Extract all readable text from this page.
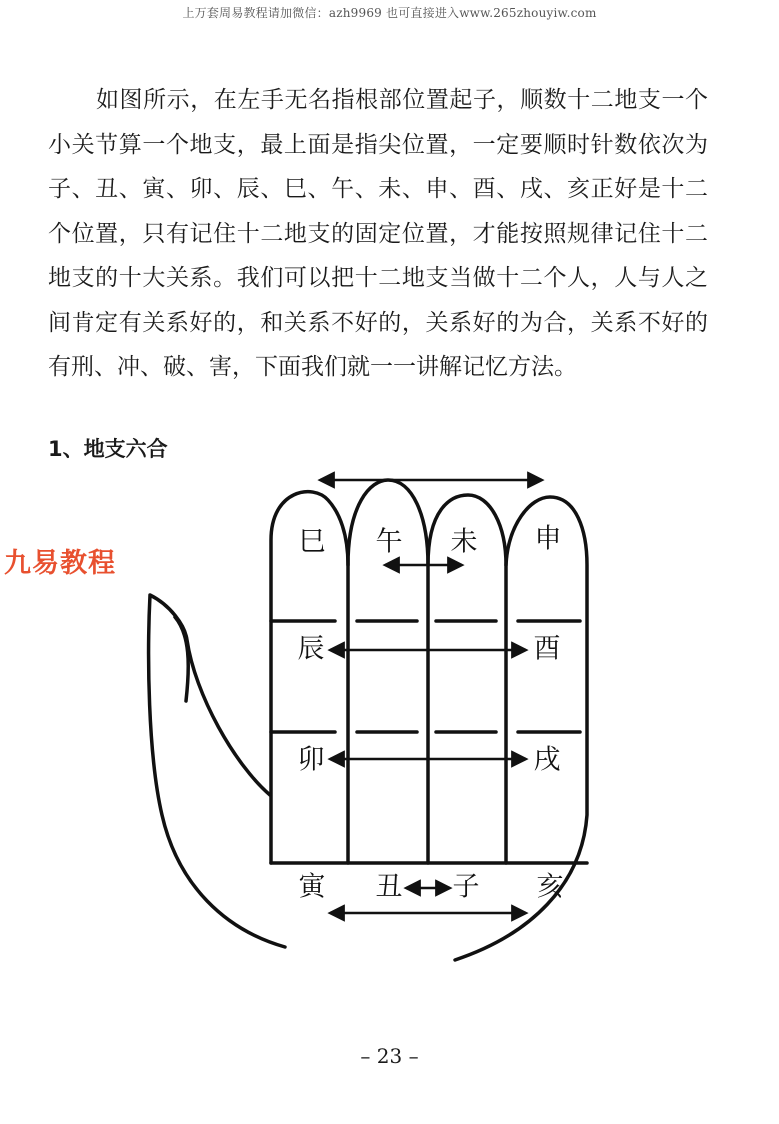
上万套周易教程请加微信：azh9969 也可直接进入www.265zhouyiw.com

如图所示，在左手无名指根部位置起子，顺数十二地支一个小关节算一个地支，最上面是指尖位置，一定要顺时针数依次为子、丑、寅、卯、辰、巳、午、未、申、酉、戌、亥正好是十二个位置，只有记住十二地支的固定位置，才能按照规律记住十二地支的十大关系。我们可以把十二地支当做十二个人，人与人之间肯定有关系好的，和关系不好的，关系好的为合，关系不好的有刑、冲、破、害，下面我们就一一讲解记忆方法。

1、地支六合
九易教程
巳 午 未 申
辰	酉
卯	戌
寅 丑 子 亥
– 23 –
